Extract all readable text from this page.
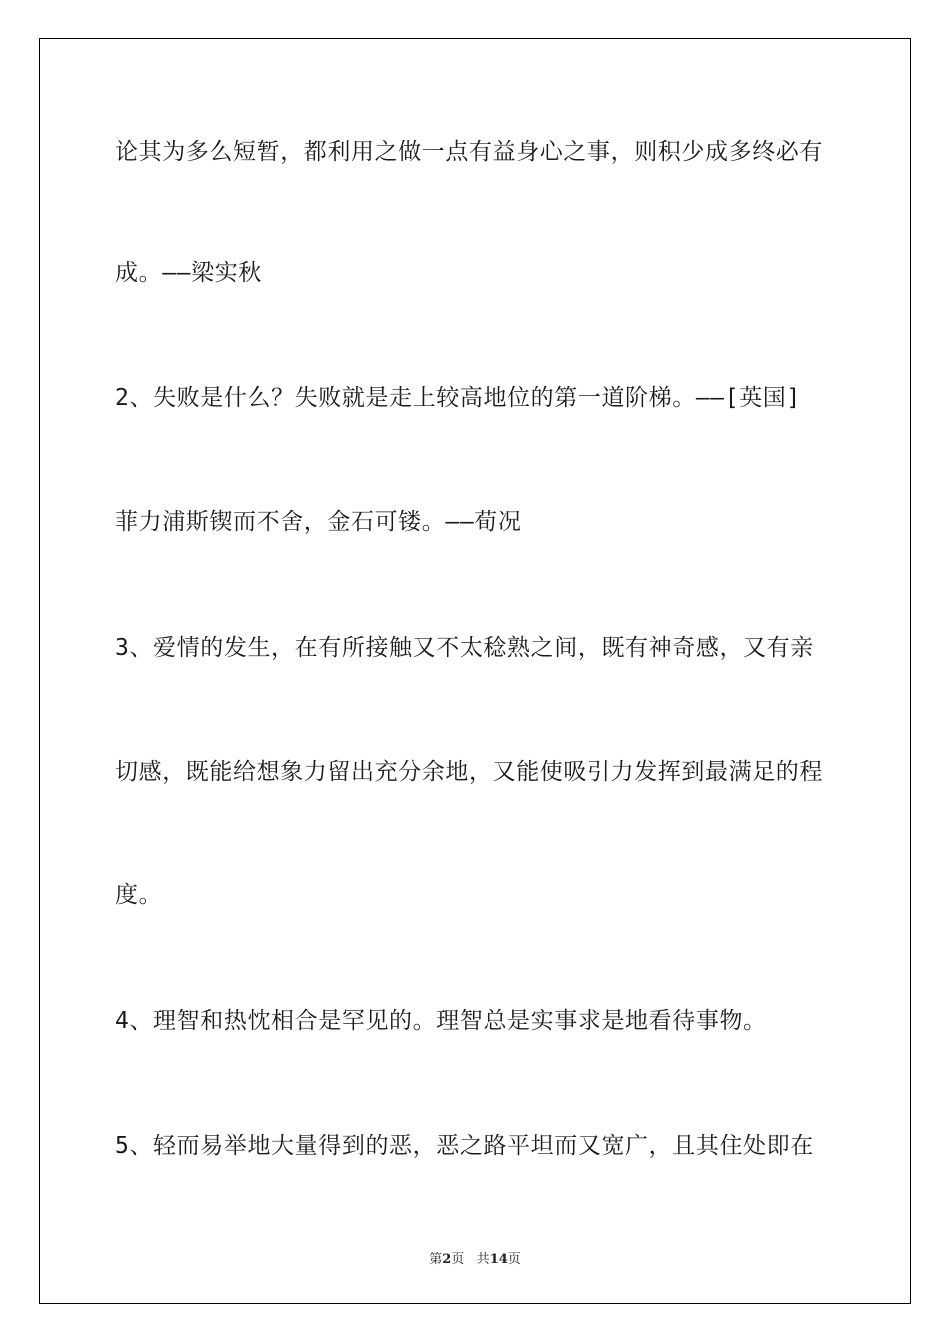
论其为多么短暂，都利用之做一点有益身心之事，则积少成多终必有
成。——梁实秋
2、失败是什么？失败就是走上较高地位的第一道阶梯。——[英国]
菲力浦斯锲而不舍，金石可镂。——荀况
3、爱情的发生，在有所接触又不太稔熟之间，既有神奇感，又有亲
切感，既能给想象力留出充分余地，又能使吸引力发挥到最满足的程
度。
4、理智和热忱相合是罕见的。理智总是实事求是地看待事物。
5、轻而易举地大量得到的恶，恶之路平坦而又宽广，且其住处即在
第2页 共14页
